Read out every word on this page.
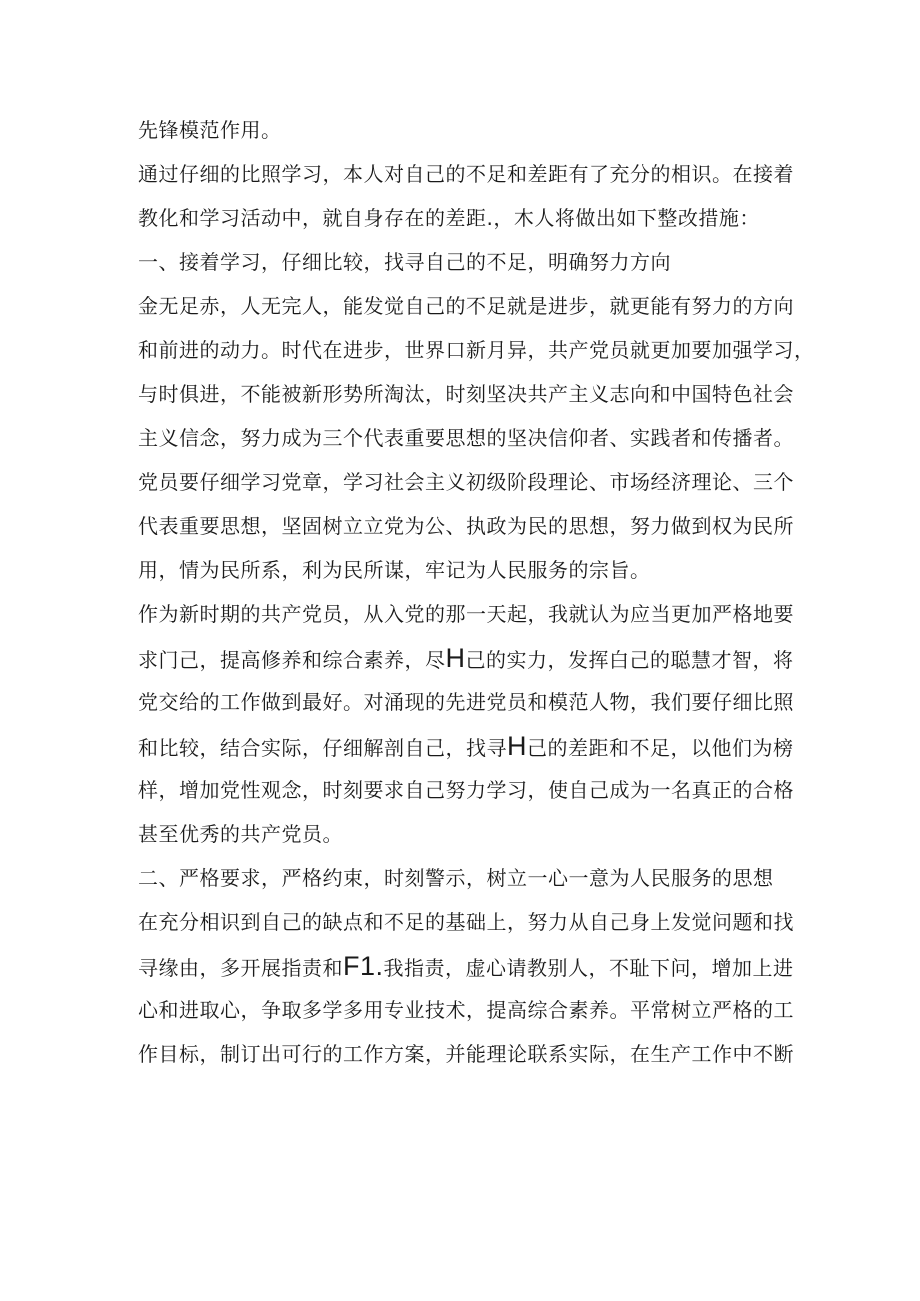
先锋模范作用。
通过仔细的比照学习，本人对自己的不足和差距有了充分的相识。在接着
教化和学习活动中，就自身存在的差距.，木人将做出如下整改措施：
一、接着学习，仔细比较，找寻自己的不足，明确努力方向
金无足赤，人无完人，能发觉自己的不足就是进步，就更能有努力的方向
和前进的动力。时代在进步，世界口新月异，共产党员就更加要加强学习，
与时俱进，不能被新形势所淘汰，时刻坚决共产主义志向和中国特色社会
主义信念，努力成为三个代表重要思想的坚决信仰者、实践者和传播者。
党员要仔细学习党章，学习社会主义初级阶段理论、市场经济理论、三个
代表重要思想，坚固树立立党为公、执政为民的思想，努力做到权为民所
用，情为民所系，利为民所谋，牢记为人民服务的宗旨。
作为新时期的共产党员，从入党的那一天起，我就认为应当更加严格地要
求门己，提高修养和综合素养，尽H己的实力，发挥白己的聪慧才智，将
党交给的工作做到最好。对涌现的先进党员和模范人物，我们要仔细比照
和比较，结合实际，仔细解剖自己，找寻H己的差距和不足，以他们为榜
样，增加党性观念，时刻要求自己努力学习，使自己成为一名真正的合格
甚至优秀的共产党员。
二、严格要求，严格约束，时刻警示，树立一心一意为人民服务的思想
在充分相识到自己的缺点和不足的基础上，努力从自己身上发觉问题和找
寻缘由，多开展指责和F1.我指责，虚心请教别人，不耻下问，增加上进
心和进取心，争取多学多用专业技术，提高综合素养。平常树立严格的工
作目标，制订出可行的工作方案，并能理论联系实际，在生产工作中不断
